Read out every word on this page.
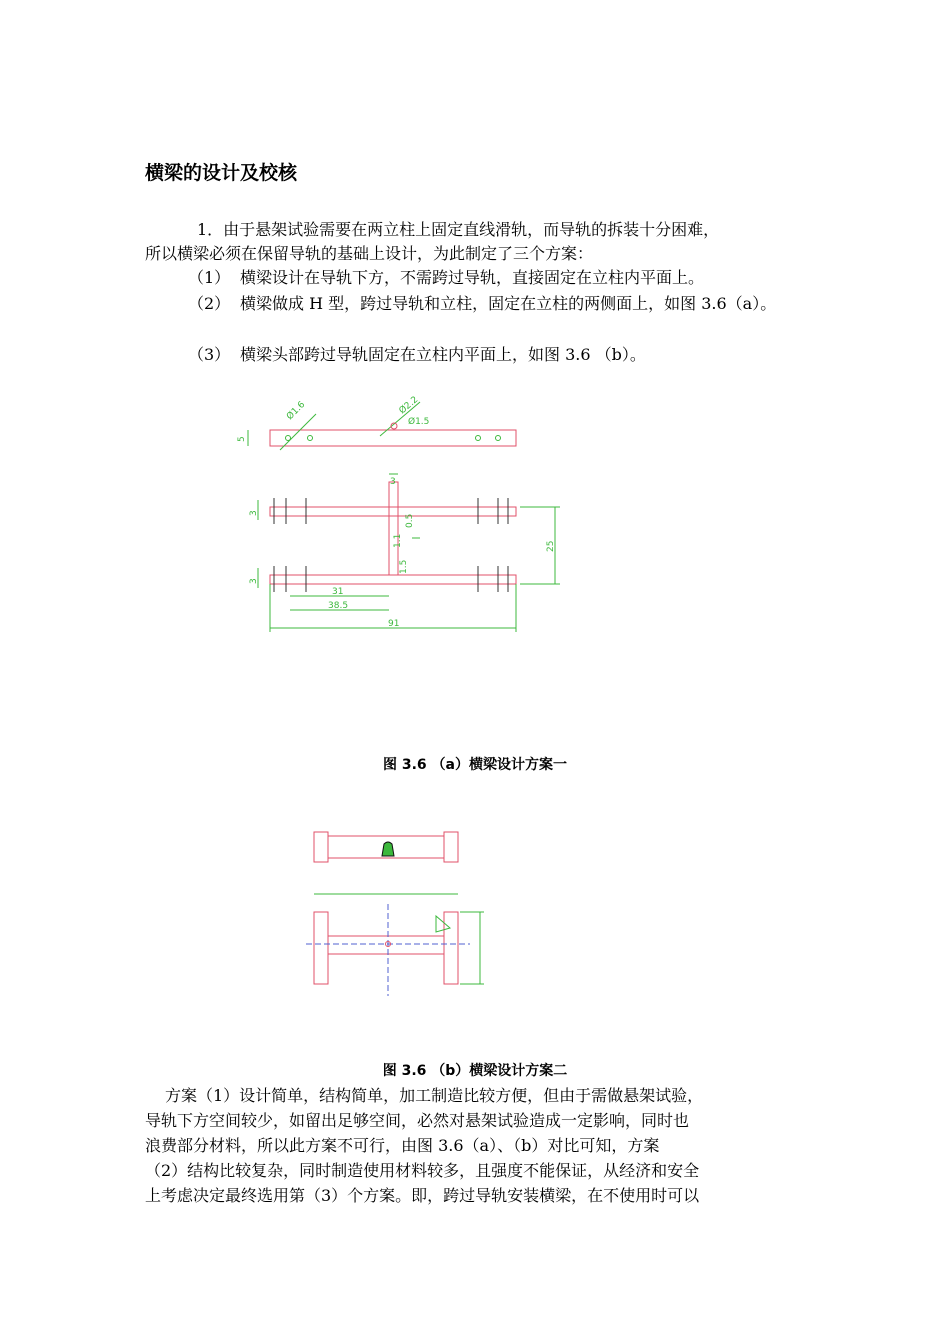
横梁的设计及校核
1．由于悬架试验需要在两立柱上固定直线滑轨，而导轨的拆装十分困难，
所以横梁必须在保留导轨的基础上设计，为此制定了三个方案：
（1） 横梁设计在导轨下方，不需跨过导轨，直接固定在立柱内平面上。
（2） 横梁做成 H 型，跨过导轨和立柱，固定在立柱的两侧面上，如图 3.6（a）。
（3） 横梁头部跨过导轨固定在立柱内平面上，如图 3.6 （b）。
Ø1.6	Ø2.2
Ø1.5
5
3
3
0.5
1.1
1.5
25
3
31
38.5
91
图 3.6 （a）横梁设计方案一
图 3.6 （b）横梁设计方案二
方案（1）设计简单，结构简单，加工制造比较方便，但由于需做悬架试验，
导轨下方空间较少，如留出足够空间，必然对悬架试验造成一定影响，同时也
浪费部分材料，所以此方案不可行，由图 3.6（a）、（b）对比可知，方案
（2）结构比较复杂，同时制造使用材料较多，且强度不能保证，从经济和安全
上考虑决定最终选用第（3）个方案。即，跨过导轨安装横梁，在不使用时可以
